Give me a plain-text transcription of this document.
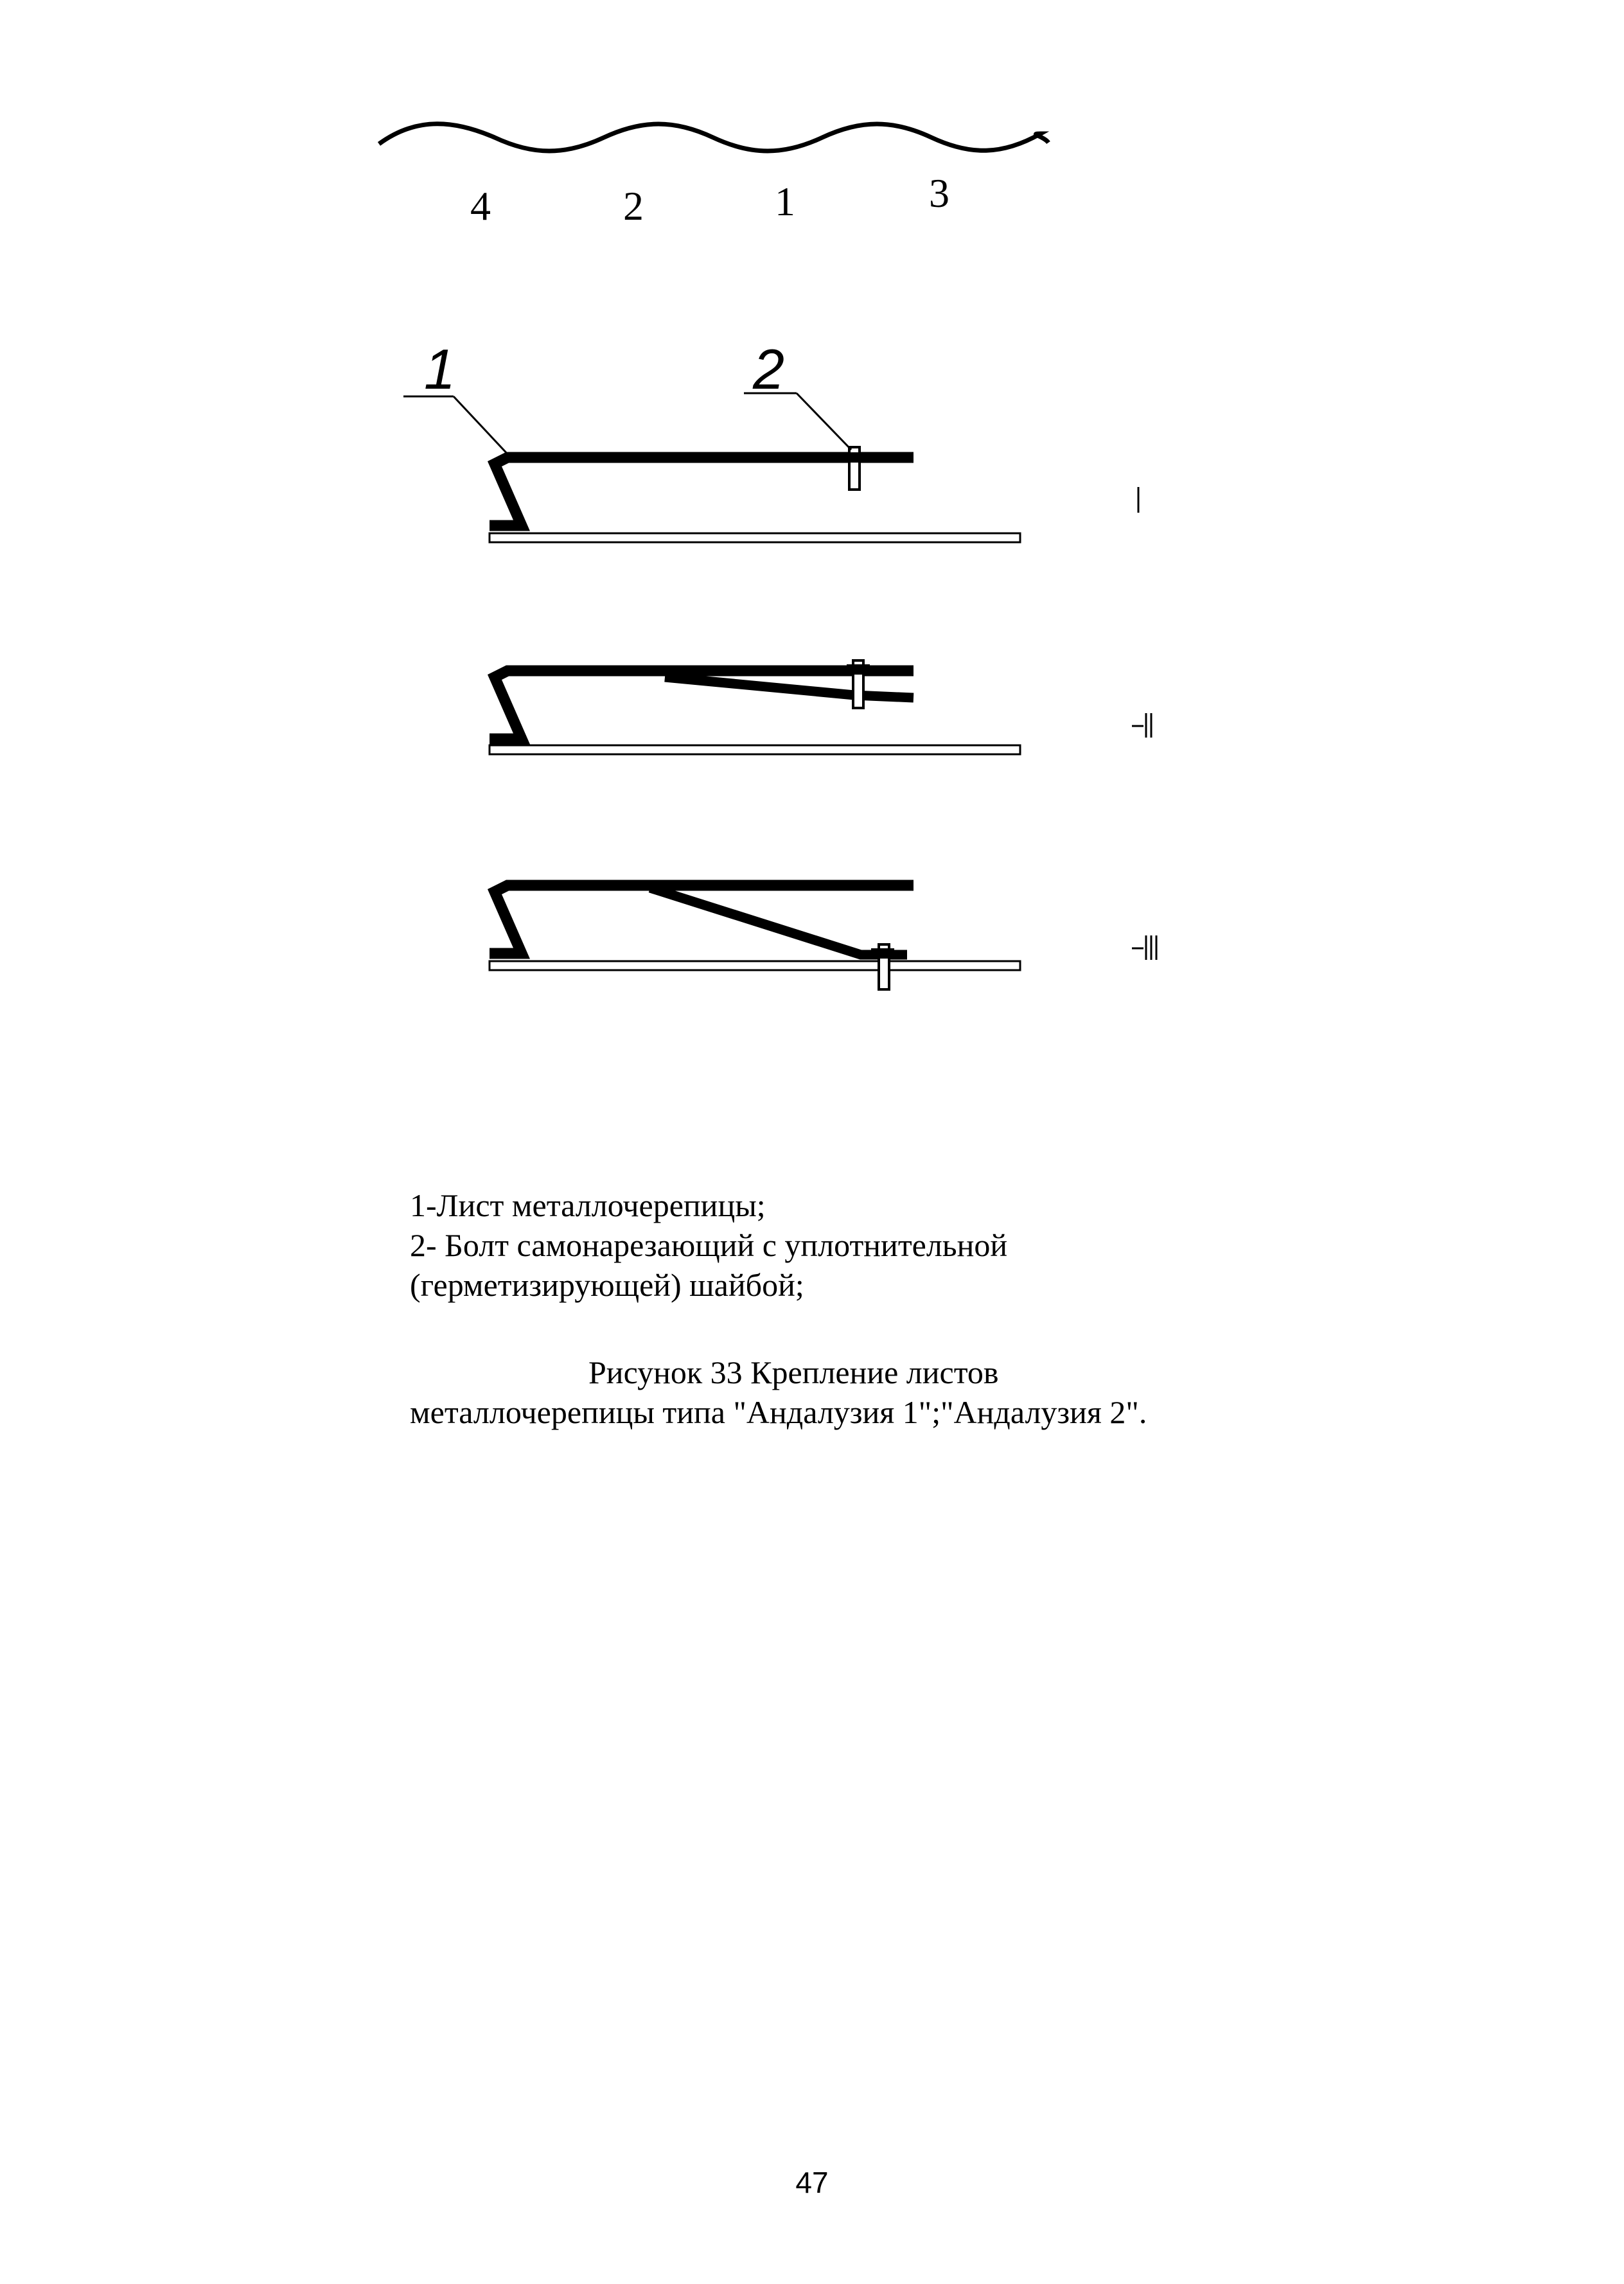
4	2	1	3
1	2
1-Лист металлочерепицы;
2- Болт самонарезающий с уплотнительной
(герметизирующей) шайбой;
Рисунок 33 Крепление листов
металлочерепицы типа "Андалузия 1";"Андалузия 2".
47
